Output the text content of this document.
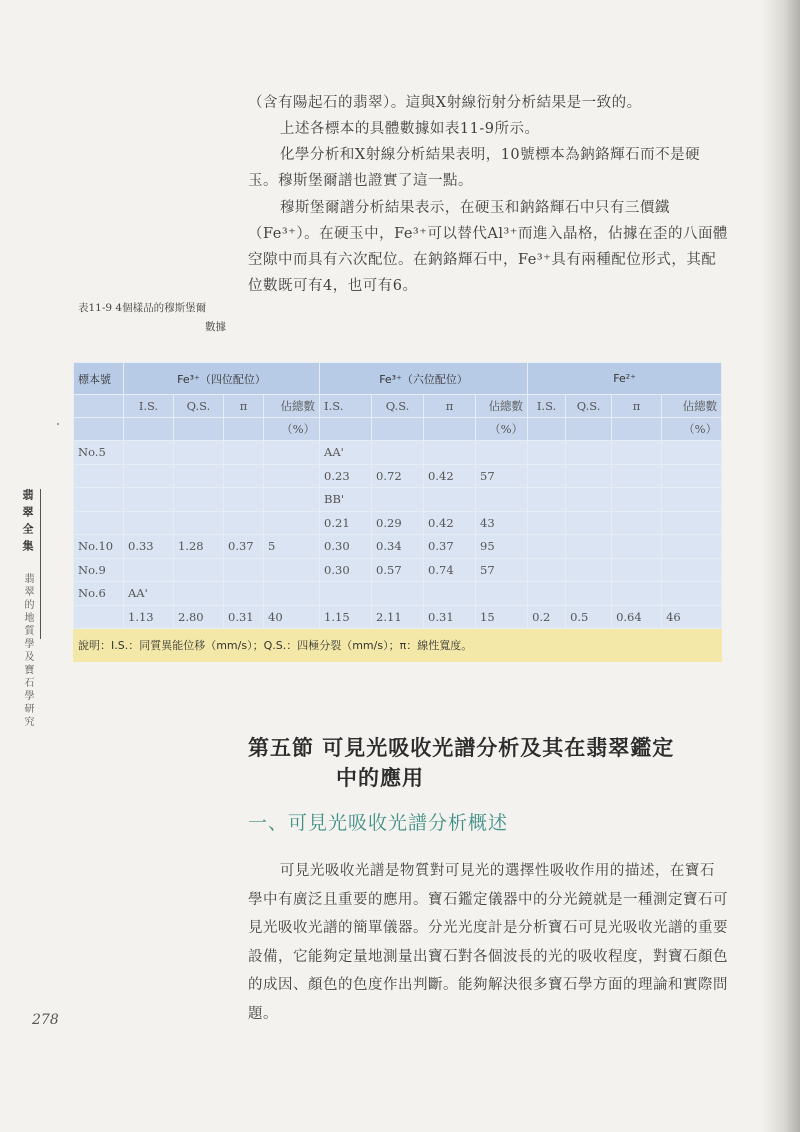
（含有陽起石的翡翠）。這與X射線衍射分析結果是一致的。

上述各標本的具體數據如表11-9所示。

化學分析和X射線分析結果表明，10號標本為鈉鉻輝石而不是硬玉。穆斯堡爾譜也證實了這一點。

穆斯堡爾譜分析結果表示，在硬玉和鈉鉻輝石中只有三價鐵（Fe³⁺）。在硬玉中，Fe³⁺可以替代Al³⁺而進入晶格，佔據在歪的八面體空隙中而具有六次配位。在鈉鉻輝石中，Fe³⁺具有兩種配位形式，其配位數既可有4，也可有6。

表11-9 4個樣品的穆斯堡爾
數據
翡翠全集
翡翠的地質學及寶石學研究
標本號	Fe³⁺（四位配位）				Fe³⁺（六位配位）				Fe²⁺			
	I.S.	Q.S.	π	佔總數	I.S.	Q.S.	π	佔總數	I.S.	Q.S.	π	佔總數
				（%）				（%）				（%）
No.5					AA'							
					0.23	0.72	0.42	57				
					BB'							
					0.21	0.29	0.42	43				
No.10	0.33	1.28	0.37	5	0.30	0.34	0.37	95				
No.9					0.30	0.57	0.74	57				
No.6	AA'											
	1.13	2.80	0.31	40	1.15	2.11	0.31	15	0.2	0.5	0.64	46
說明：I.S.：同質異能位移（mm/s）；Q.S.：四極分裂（mm/s）；π：線性寬度。												
第五節 可見光吸收光譜分析及其在翡翠鑑定
中的應用
一、可見光吸收光譜分析概述

可見光吸收光譜是物質對可見光的選擇性吸收作用的描述，在寶石學中有廣泛且重要的應用。寶石鑑定儀器中的分光鏡就是一種測定寶石可見光吸收光譜的簡單儀器。分光光度計是分析寶石可見光吸收光譜的重要設備，它能夠定量地測量出寶石對各個波長的光的吸收程度，對寶石顏色的成因、顏色的色度作出判斷。能夠解決很多寶石學方面的理論和實際問題。

278
